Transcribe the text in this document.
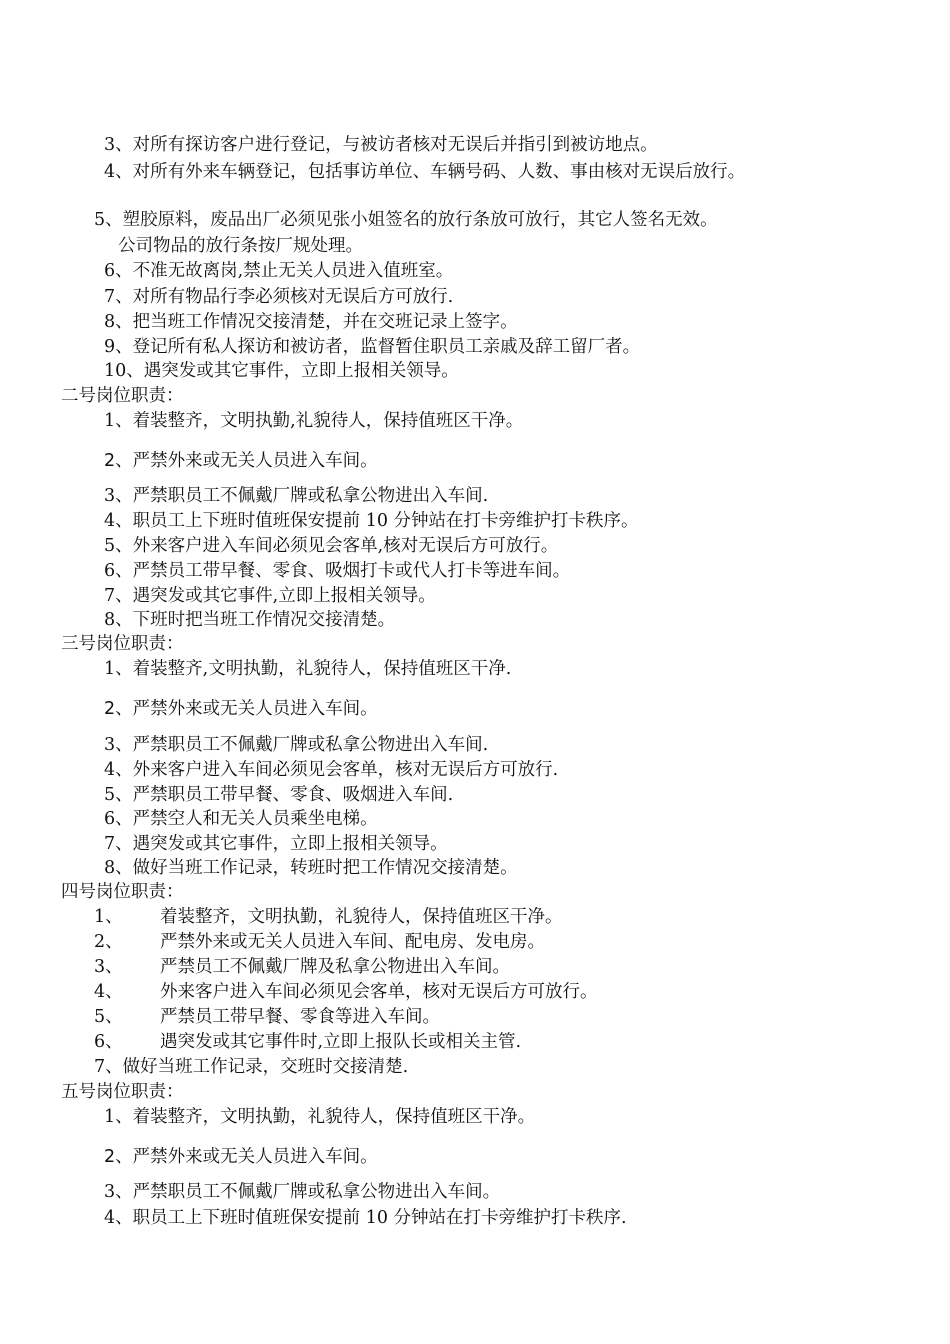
3、对所有探访客户进行登记，与被访者核对无误后并指引到被访地点。

4、对所有外来车辆登记，包括事访单位、车辆号码、人数、事由核对无误后放行。

5、塑胶原料，废品出厂必须见张小姐签名的放行条放可放行，其它人签名无效。

公司物品的放行条按厂规处理。

6、不准无故离岗,禁止无关人员进入值班室。

7、对所有物品行李必须核对无误后方可放行.

8、把当班工作情况交接清楚，并在交班记录上签字。

9、登记所有私人探访和被访者，监督暂住职员工亲戚及辞工留厂者。

10、遇突发或其它事件，立即上报相关领导。

二号岗位职责：

1、着装整齐，文明执勤,礼貌待人，保持值班区干净。

2、严禁外来或无关人员进入车间。

3、严禁职员工不佩戴厂牌或私拿公物进出入车间.

4、职员工上下班时值班保安提前 10 分钟站在打卡旁维护打卡秩序。

5、外来客户进入车间必须见会客单,核对无误后方可放行。

6、严禁员工带早餐、零食、吸烟打卡或代人打卡等进车间。

7、遇突发或其它事件,立即上报相关领导。

8、下班时把当班工作情况交接清楚。

三号岗位职责：

1、着装整齐,文明执勤，礼貌待人，保持值班区干净.

2、严禁外来或无关人员进入车间。

3、严禁职员工不佩戴厂牌或私拿公物进出入车间.

4、外来客户进入车间必须见会客单，核对无误后方可放行.

5、严禁职员工带早餐、零食、吸烟进入车间.

6、严禁空人和无关人员乘坐电梯。

7、遇突发或其它事件，立即上报相关领导。

8、做好当班工作记录，转班时把工作情况交接清楚。

四号岗位职责：

1、 着装整齐，文明执勤，礼貌待人，保持值班区干净。

2、 严禁外来或无关人员进入车间、配电房、发电房。

3、 严禁员工不佩戴厂牌及私拿公物进出入车间。

4、 外来客户进入车间必须见会客单，核对无误后方可放行。

5、 严禁员工带早餐、零食等进入车间。

6、 遇突发或其它事件时,立即上报队长或相关主管.

7、做好当班工作记录，交班时交接清楚.

五号岗位职责：

1、着装整齐，文明执勤，礼貌待人，保持值班区干净。

2、严禁外来或无关人员进入车间。

3、严禁职员工不佩戴厂牌或私拿公物进出入车间。

4、职员工上下班时值班保安提前 10 分钟站在打卡旁维护打卡秩序.
